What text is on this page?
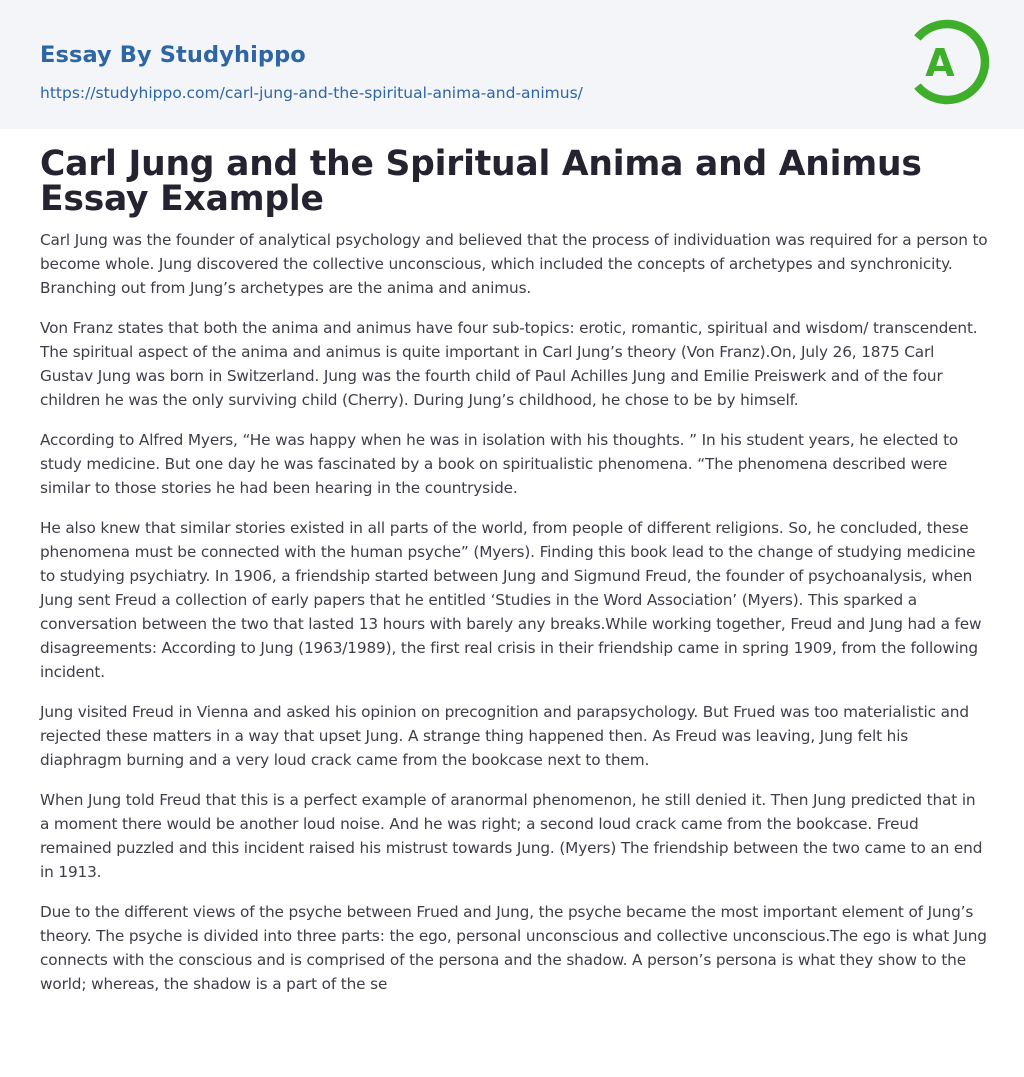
Essay By Studyhippo
https://studyhippo.com/carl-jung-and-the-spiritual-anima-and-animus/
A
Carl Jung and the Spiritual Anima and Animus Essay Example

Carl Jung was the founder of analytical psychology and believed that the process of individuation was required for a person to become whole. Jung discovered the collective unconscious, which included the concepts of archetypes and synchronicity. Branching out from Jung’s archetypes are the anima and animus.

Von Franz states that both the anima and animus have four sub-topics: erotic, romantic, spiritual and wisdom/ transcendent. The spiritual aspect of the anima and animus is quite important in Carl Jung’s theory (Von Franz).On, July 26, 1875 Carl Gustav Jung was born in Switzerland. Jung was the fourth child of Paul Achilles Jung and Emilie Preiswerk and of the four children he was the only surviving child (Cherry). During Jung’s childhood, he chose to be by himself.

According to Alfred Myers, “He was happy when he was in isolation with his thoughts. ” In his student years, he elected to study medicine. But one day he was fascinated by a book on spiritualistic phenomena. “The phenomena described were similar to those stories he had been hearing in the countryside.

He also knew that similar stories existed in all parts of the world, from people of different religions. So, he concluded, these phenomena must be connected with the human psyche” (Myers). Finding this book lead to the change of studying medicine to studying psychiatry. In 1906, a friendship started between Jung and Sigmund Freud, the founder of psychoanalysis, when Jung sent Freud a collection of early papers that he entitled ‘Studies in the Word Association’ (Myers). This sparked a conversation between the two that lasted 13 hours with barely any breaks.While working together, Freud and Jung had a few disagreements: According to Jung (1963/1989), the first real crisis in their friendship came in spring 1909, from the following incident.

Jung visited Freud in Vienna and asked his opinion on precognition and parapsychology. But Frued was too materialistic and rejected these matters in a way that upset Jung. A strange thing happened then. As Freud was leaving, Jung felt his diaphragm burning and a very loud crack came from the bookcase next to them.

When Jung told Freud that this is a perfect example of aranormal phenomenon, he still denied it. Then Jung predicted that in a moment there would be another loud noise. And he was right; a second loud crack came from the bookcase. Freud remained puzzled and this incident raised his mistrust towards Jung. (Myers) The friendship between the two came to an end in 1913.

Due to the different views of the psyche between Frued and Jung, the psyche became the most important element of Jung’s theory. The psyche is divided into three parts: the ego, personal unconscious and collective unconscious.The ego is what Jung connects with the conscious and is comprised of the persona and the shadow. A person’s persona is what they show to the world; whereas, the shadow is a part of the se
